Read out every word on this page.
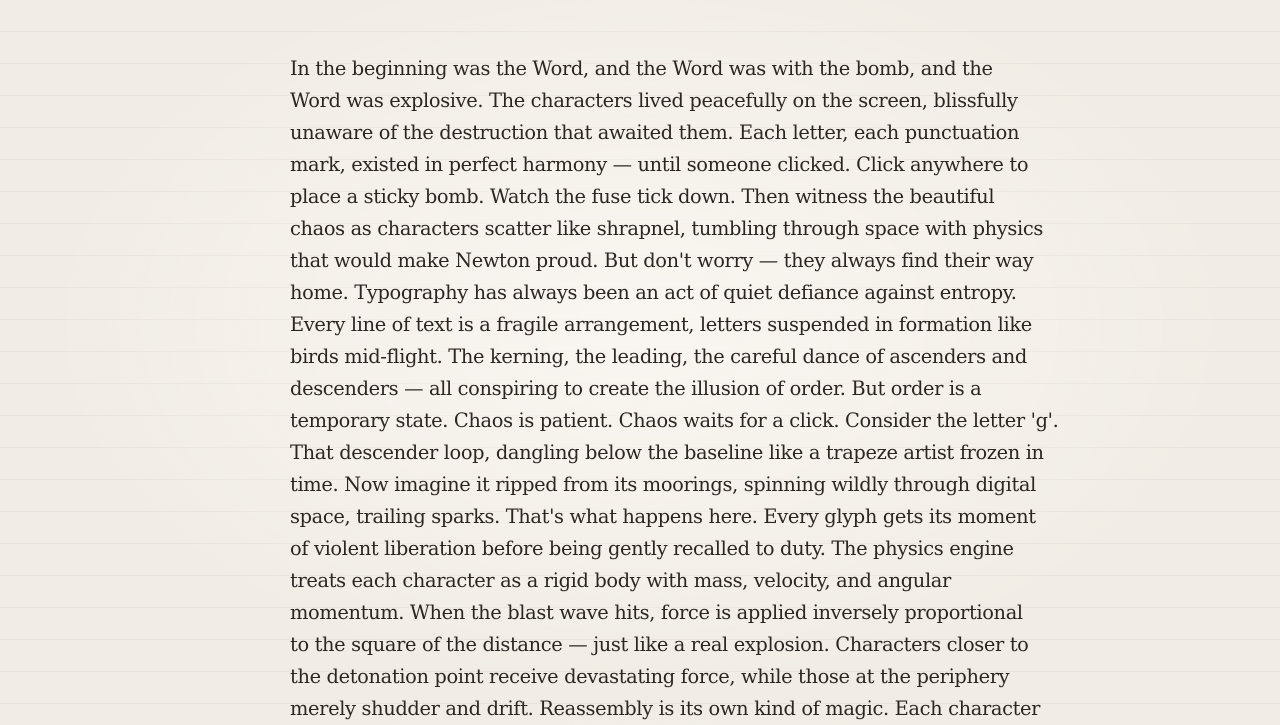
In the beginning was the Word, and the Word was with the bomb, and the
Word was explosive. The characters lived peacefully on the screen, blissfully
unaware of the destruction that awaited them. Each letter, each punctuation
mark, existed in perfect harmony — until someone clicked. Click anywhere to
place a sticky bomb. Watch the fuse tick down. Then witness the beautiful
chaos as characters scatter like shrapnel, tumbling through space with physics
that would make Newton proud. But don't worry — they always find their way
home. Typography has always been an act of quiet defiance against entropy.
Every line of text is a fragile arrangement, letters suspended in formation like
birds mid-flight. The kerning, the leading, the careful dance of ascenders and
descenders — all conspiring to create the illusion of order. But order is a
temporary state. Chaos is patient. Chaos waits for a click. Consider the letter 'g'.
That descender loop, dangling below the baseline like a trapeze artist frozen in
time. Now imagine it ripped from its moorings, spinning wildly through digital
space, trailing sparks. That's what happens here. Every glyph gets its moment
of violent liberation before being gently recalled to duty. The physics engine
treats each character as a rigid body with mass, velocity, and angular
momentum. When the blast wave hits, force is applied inversely proportional
to the square of the distance — just like a real explosion. Characters closer to
the detonation point receive devastating force, while those at the periphery
merely shudder and drift. Reassembly is its own kind of magic. Each character
